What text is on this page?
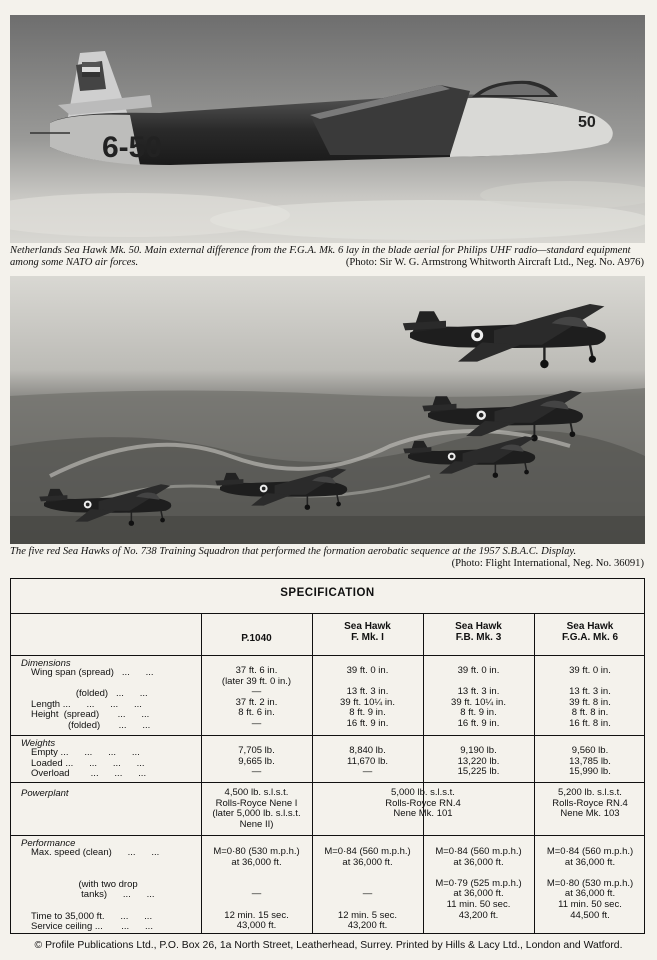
6-50
50
Netherlands Sea Hawk Mk. 50. Main external difference from the F.G.A. Mk. 6 lay in the blade aerial for Philips UHF radio—standard equipment among some NATO air forces.	(Photo: Sir W. G. Armstrong Whitworth Aircraft Ltd., Neg. No. A976)
The five red Sea Hawks of No. 738 Training Squadron that performed the formation aerobatic sequence at the 1957 S.B.A.C. Display.
(Photo: Flight International, Neg. No. 36091)
SPECIFICATION
P.1040
Sea Hawk
F. Mk. I
Sea Hawk
F.B. Mk. 3
Sea Hawk
F.G.A. Mk. 6
Dimensions
Wing span (spread)   ...      ...

(folded)   ...      ...
Length ...      ...      ...      ...
Height  (spread)       ...      ...
(folded)       ...      ...
37 ft. 6 in.
(later 39 ft. 0 in.)
—
37 ft. 2 in.
8 ft. 6 in.
—
39 ft. 0 in.

13 ft. 3 in.
39 ft. 10¼ in.
8 ft. 9 in.
16 ft. 9 in.
39 ft. 0 in.

13 ft. 3 in.
39 ft. 10¼ in.
8 ft. 9 in.
16 ft. 9 in.
39 ft. 0 in.

13 ft. 3 in.
39 ft. 8 in.
8 ft. 8 in.
16 ft. 8 in.
Weights
Empty ...      ...      ...      ...
Loaded ...      ...      ...      ...
Overload        ...      ...      ...
7,705 lb.
9,665 lb.
—
8,840 lb.
11,670 lb.
—
9,190 lb.
13,220 lb.
15,225 lb.
9,560 lb.
13,785 lb.
15,990 lb.
Powerplant	4,500 lb. s.l.s.t.
Rolls-Royce Nene I
(later 5,000 lb. s.l.s.t.
Nene II)
5,000 lb. s.l.s.t.
Rolls-Royce RN.4
Nene Mk. 101
5,200 lb. s.l.s.t.
Rolls-Royce RN.4
Nene Mk. 103
Performance
Max. speed (clean)      ...      ...

(with two drop
tanks)      ...      ...

Time to 35,000 ft.      ...      ...
Service ceiling ...       ...      ...
M=0·80 (530 m.p.h.)
at 36,000 ft.

—

12 min. 15 sec.
43,000 ft.
M=0·84 (560 m.p.h.)
at 36,000 ft.

—

12 min. 5 sec.
43,200 ft.
M=0·84 (560 m.p.h.)
at 36,000 ft.

M=0·79 (525 m.p.h.)
at 36,000 ft.
11 min. 50 sec.
43,200 ft.
M=0·84 (560 m.p.h.)
at 36,000 ft.

M=0·80 (530 m.p.h.)
at 36,000 ft.
11 min. 50 sec.
44,500 ft.
© Profile Publications Ltd., P.O. Box 26, 1a North Street, Leatherhead, Surrey. Printed by Hills & Lacy Ltd., London and Watford.
